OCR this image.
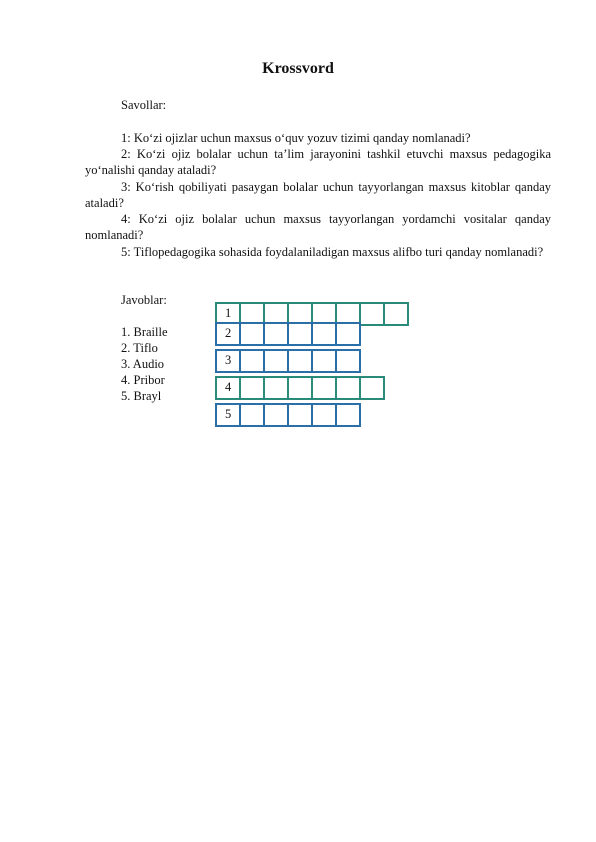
Krossvord
Savollar:
1: Ko‘zi ojizlar uchun maxsus o‘quv yozuv tizimi qanday nomlanadi?
2: Ko‘zi ojiz bolalar uchun ta’lim jarayonini tashkil etuvchi maxsus pedagogika yo‘nalishi qanday ataladi?
3: Ko‘rish qobiliyati pasaygan bolalar uchun tayyorlangan maxsus kitoblar qanday ataladi?
4: Ko‘zi ojiz bolalar uchun maxsus tayyorlangan yordamchi vositalar qanday nomlanadi?
5: Tiflopedagogika sohasida foydalaniladigan maxsus alifbo turi qanday nomlanadi?
Javoblar:
1. Braille
2. Tiflo
3. Audio
4. Pribor
5. Brayl
1
2
3
4
5
